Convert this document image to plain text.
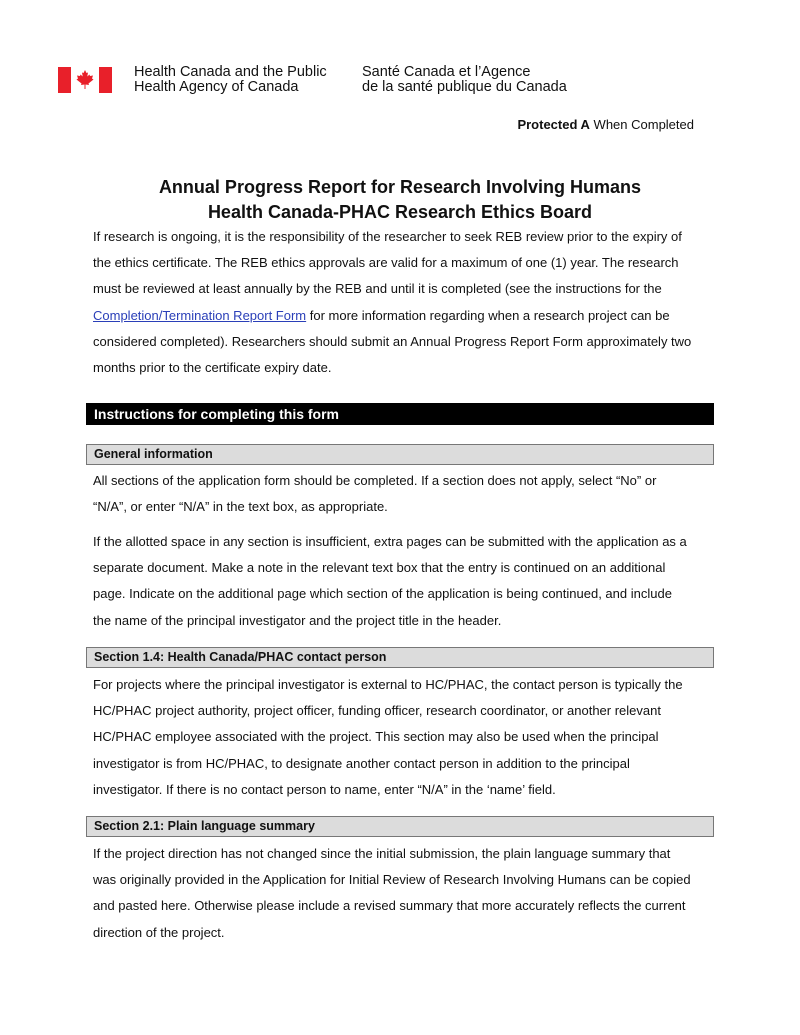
Health Canada and the Public
Health Agency of Canada
Santé Canada et l’Agence
de la santé publique du Canada
Protected A When Completed
Annual Progress Report for Research Involving Humans
Health Canada-PHAC Research Ethics Board

If research is ongoing, it is the responsibility of the researcher to seek REB review prior to the expiry of

the ethics certificate. The REB ethics approvals are valid for a maximum of one (1) year. The research

must be reviewed at least annually by the REB and until it is completed (see the instructions for the

Completion/Termination Report Form for more information regarding when a research project can be

considered completed). Researchers should submit an Annual Progress Report Form approximately two

months prior to the certificate expiry date.

Instructions for completing this form
General information

All sections of the application form should be completed. If a section does not apply, select “No” or

“N/A”, or enter “N/A” in the text box, as appropriate.

If the allotted space in any section is insufficient, extra pages can be submitted with the application as a

separate document. Make a note in the relevant text box that the entry is continued on an additional

page. Indicate on the additional page which section of the application is being continued, and include

the name of the principal investigator and the project title in the header.

Section 1.4: Health Canada/PHAC contact person

For projects where the principal investigator is external to HC/PHAC, the contact person is typically the

HC/PHAC project authority, project officer, funding officer, research coordinator, or another relevant

HC/PHAC employee associated with the project. This section may also be used when the principal

investigator is from HC/PHAC, to designate another contact person in addition to the principal

investigator. If there is no contact person to name, enter “N/A” in the ‘name’ field.

Section 2.1: Plain language summary

If the project direction has not changed since the initial submission, the plain language summary that

was originally provided in the Application for Initial Review of Research Involving Humans can be copied

and pasted here. Otherwise please include a revised summary that more accurately reflects the current

direction of the project.
